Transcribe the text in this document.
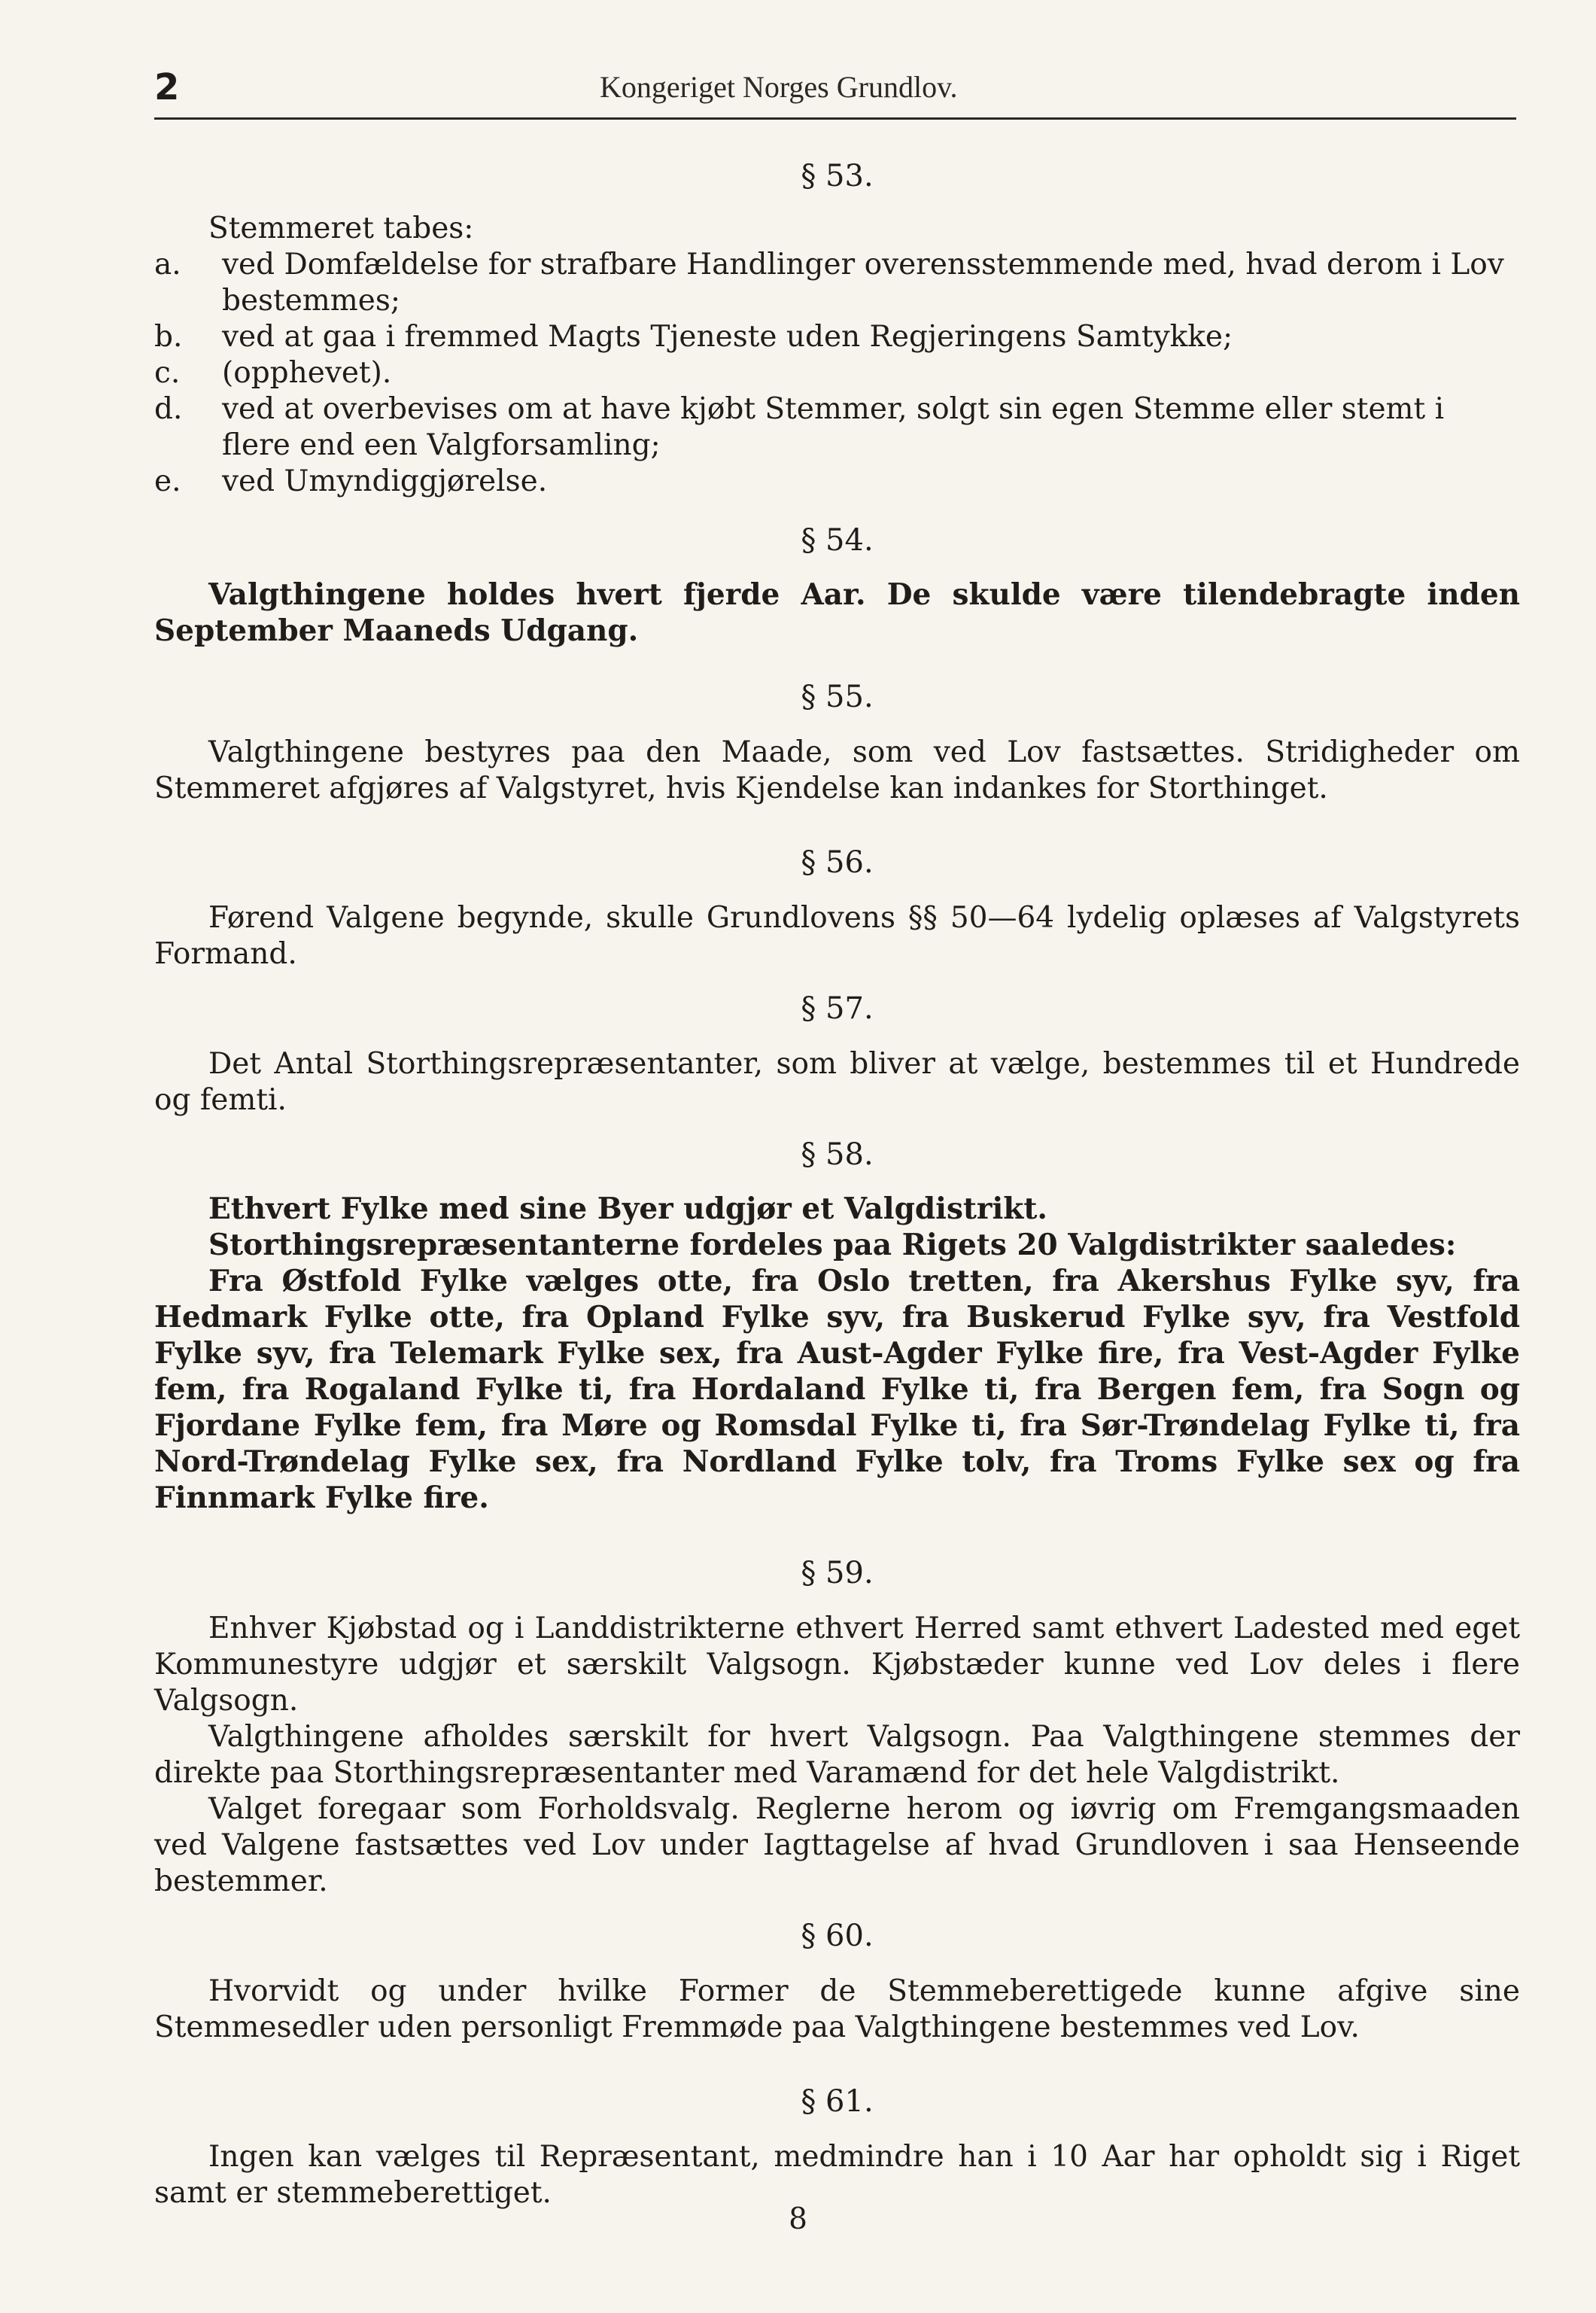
2	Kongeriget Norges Grundlov.

§ 53.

Stemmeret tabes:

a. ved Domfældelse for strafbare Handlinger overensstemmende med, hvad derom i Lov bestemmes;

b. ved at gaa i fremmed Magts Tjeneste uden Regjeringens Samtykke;

c. (opphevet).

d. ved at overbevises om at have kjøbt Stemmer, solgt sin egen Stemme eller stemt i flere end een Valgforsamling;

e. ved Umyndiggjørelse.

§ 54.

Valgthingene holdes hvert fjerde Aar. De skulde være tilendebragte inden September Maaneds Udgang.

§ 55.

Valgthingene bestyres paa den Maade, som ved Lov fastsættes. Stridigheder om Stemmeret afgjøres af Valgstyret, hvis Kjendelse kan indankes for Storthinget.

§ 56.

Førend Valgene begynde, skulle Grundlovens §§ 50—64 lydelig oplæses af Valgstyrets Formand.

§ 57.

Det Antal Storthingsrepræsentanter, som bliver at vælge, bestemmes til et Hundrede og femti.

§ 58.

Ethvert Fylke med sine Byer udgjør et Valgdistrikt.

Storthingsrepræsentanterne fordeles paa Rigets 20 Valgdistrikter saaledes:

Fra Østfold Fylke vælges otte, fra Oslo tretten, fra Akershus Fylke syv, fra Hedmark Fylke otte, fra Opland Fylke syv, fra Buskerud Fylke syv, fra Vestfold Fylke syv, fra Telemark Fylke sex, fra Aust-Agder Fylke fire, fra Vest-Agder Fylke fem, fra Rogaland Fylke ti, fra Hordaland Fylke ti, fra Bergen fem, fra Sogn og Fjordane Fylke fem, fra Møre og Romsdal Fylke ti, fra Sør-Trøndelag Fylke ti, fra Nord-Trøndelag Fylke sex, fra Nordland Fylke tolv, fra Troms Fylke sex og fra Finnmark Fylke fire.

§ 59.

Enhver Kjøbstad og i Landdistrikterne ethvert Herred samt ethvert Ladested med eget Kommunestyre udgjør et særskilt Valgsogn. Kjøbstæder kunne ved Lov deles i flere Valgsogn.

Valgthingene afholdes særskilt for hvert Valgsogn. Paa Valgthingene stemmes der direkte paa Storthingsrepræsentanter med Varamænd for det hele Valgdistrikt.

Valget foregaar som Forholdsvalg. Reglerne herom og iøvrig om Fremgangsmaaden ved Valgene fastsættes ved Lov under Iagttagelse af hvad Grundloven i saa Henseende bestemmer.

§ 60.

Hvorvidt og under hvilke Former de Stemmeberettigede kunne afgive sine Stemmesedler uden personligt Fremmøde paa Valgthingene bestemmes ved Lov.

§ 61.

Ingen kan vælges til Repræsentant, medmindre han i 10 Aar har opholdt sig i Riget samt er stemmeberettiget.

8
